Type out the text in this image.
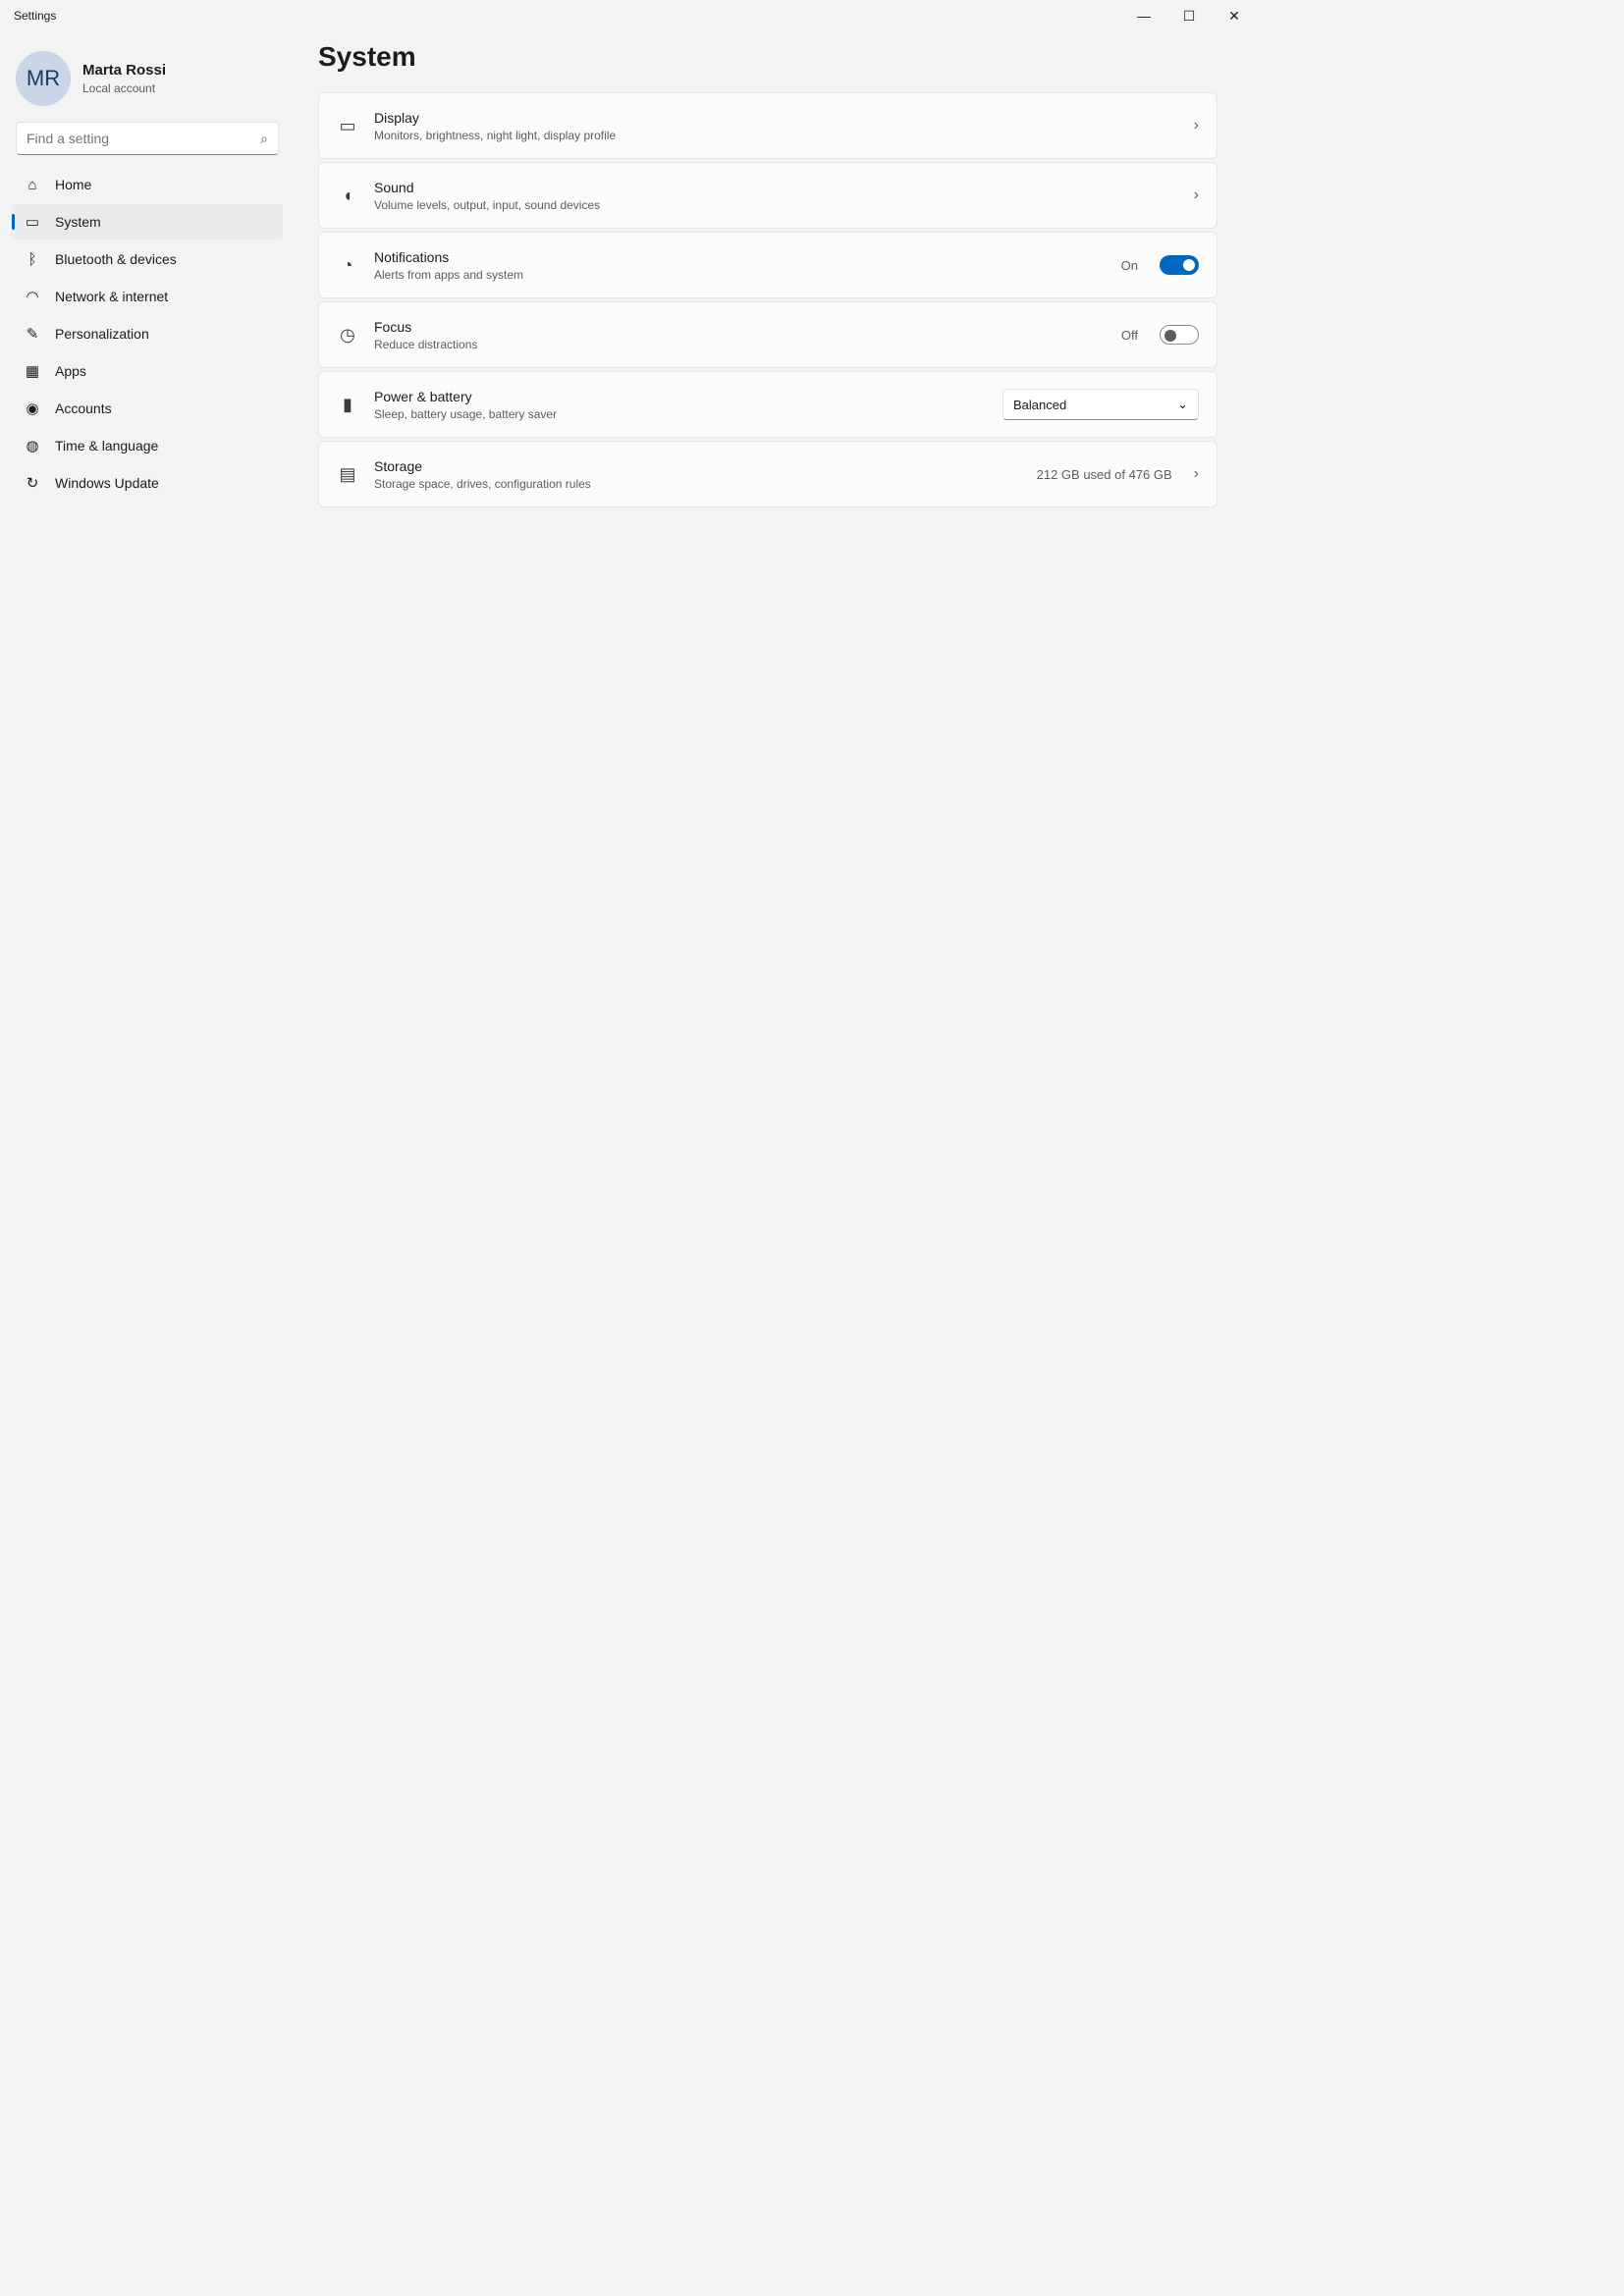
Settings	—	☐	✕
MR	Marta Rossi
Local account
Find a setting
⌕
⌂	Home
▭ System
ᛒ	Bluetooth & devices
◠ Network & internet
✎ Personalization
▦ Apps
◉ Accounts
◍ Time & language
↻ Windows Update
System
▭ Display
Monitors, brightness, night light, display profile
›
◖	Sound
Volume levels, output, input, sound devices
›
◔	Notifications
Alerts from apps and system
On
◷ Focus
Reduce distractions
Off
▮	Power & battery
Sleep, battery usage, battery saver
Balanced	⌄
▤ Storage
Storage space, drives, configuration rules
212 GB used of 476 GB ›
